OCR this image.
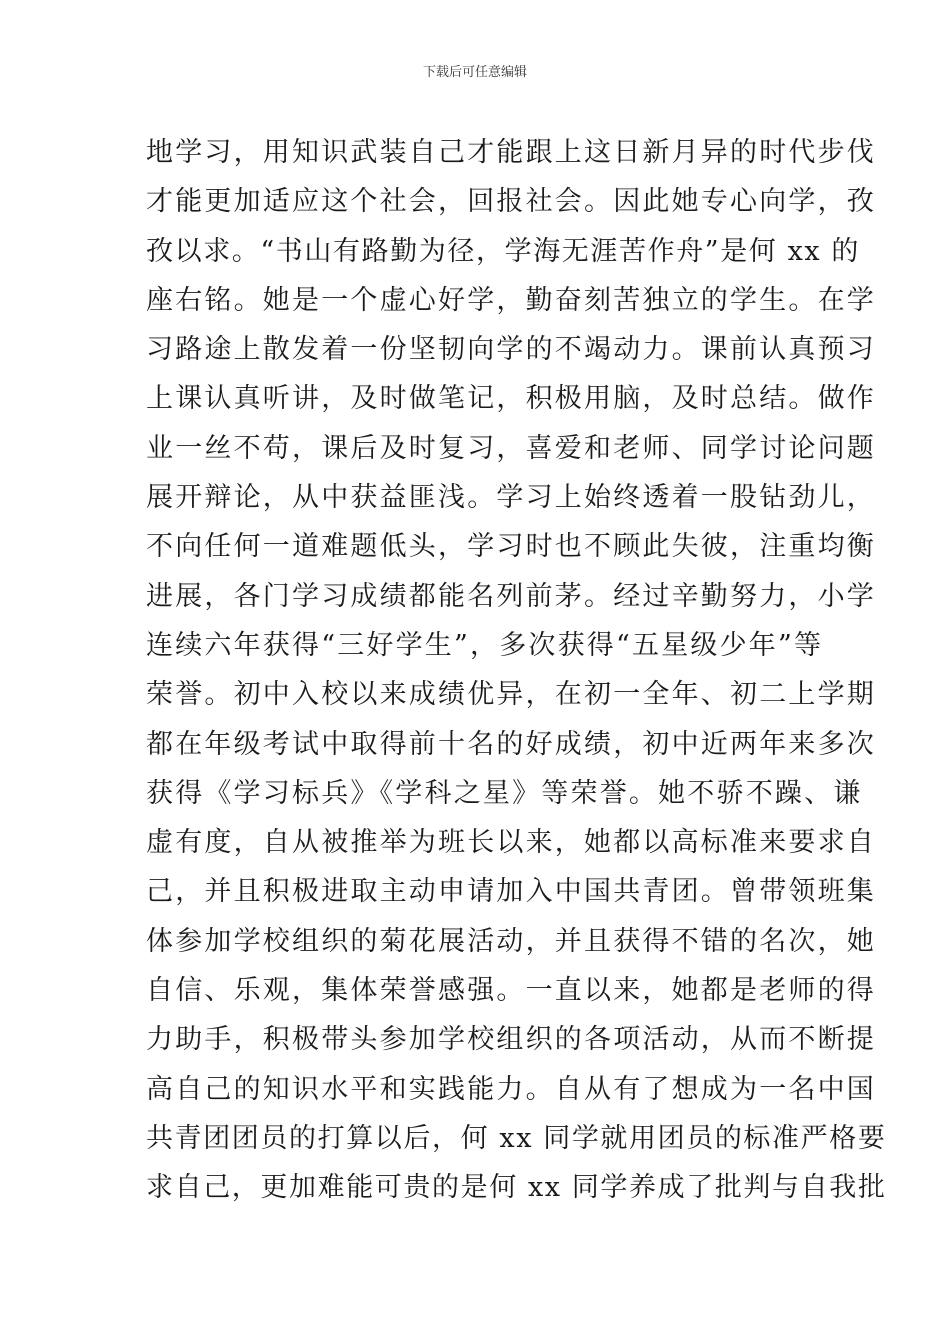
下载后可任意编辑
地学习，用知识武装自己才能跟上这日新月异的时代步伐
才能更加适应这个社会，回报社会。因此她专心向学，孜
孜以求。“书山有路勤为径，学海无涯苦作舟”是何 xx 的
座右铭。她是一个虚心好学，勤奋刻苦独立的学生。在学
习路途上散发着一份坚韧向学的不竭动力。课前认真预习
上课认真听讲，及时做笔记，积极用脑，及时总结。做作
业一丝不苟，课后及时复习，喜爱和老师、同学讨论问题
展开辩论，从中获益匪浅。学习上始终透着一股钻劲儿，
不向任何一道难题低头，学习时也不顾此失彼，注重均衡
进展，各门学习成绩都能名列前茅。经过辛勤努力，小学
连续六年获得“三好学生”，多次获得“五星级少年”等
荣誉。初中入校以来成绩优异，在初一全年、初二上学期
都在年级考试中取得前十名的好成绩，初中近两年来多次
获得《学习标兵》《学科之星》等荣誉。她不骄不躁、谦
虚有度，自从被推举为班长以来，她都以高标准来要求自
己，并且积极进取主动申请加入中国共青团。曾带领班集
体参加学校组织的菊花展活动，并且获得不错的名次，她
自信、乐观，集体荣誉感强。一直以来，她都是老师的得
力助手，积极带头参加学校组织的各项活动，从而不断提
高自己的知识水平和实践能力。自从有了想成为一名中国
共青团团员的打算以后，何 xx 同学就用团员的标准严格要
求自己，更加难能可贵的是何 xx 同学养成了批判与自我批
